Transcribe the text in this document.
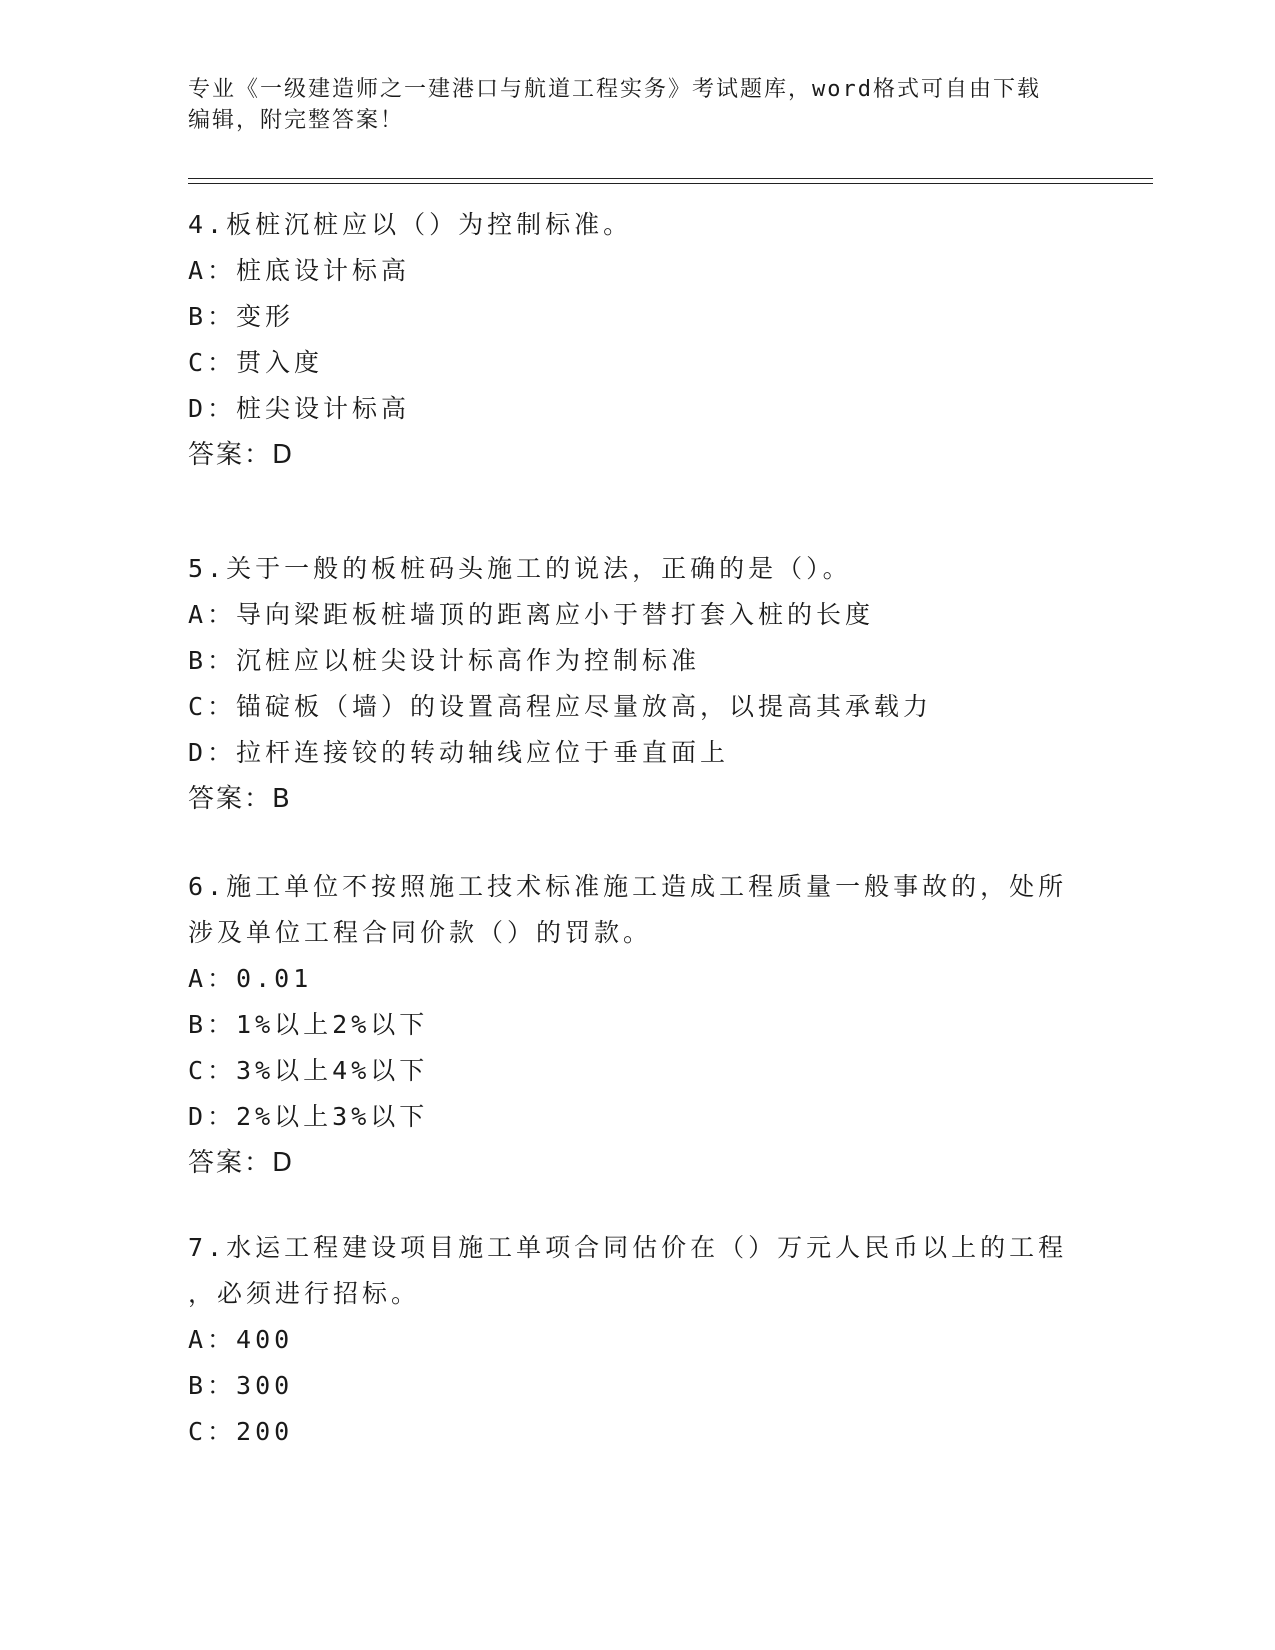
专业《一级建造师之一建港口与航道工程实务》考试题库，word格式可自由下载
编辑，附完整答案！

4.板桩沉桩应以（）为控制标准。

A：桩底设计标高

B：变形

C：贯入度

D：桩尖设计标高

答案：D

5.关于一般的板桩码头施工的说法，正确的是（）。

A：导向梁距板桩墙顶的距离应小于替打套入桩的长度

B：沉桩应以桩尖设计标高作为控制标准

C：锚碇板（墙）的设置高程应尽量放高，以提高其承载力

D：拉杆连接铰的转动轴线应位于垂直面上

答案：B

6.施工单位不按照施工技术标准施工造成工程质量一般事故的，处所

涉及单位工程合同价款（）的罚款。

A：0.01

B：1%以上2%以下

C：3%以上4%以下

D：2%以上3%以下

答案：D

7.水运工程建设项目施工单项合同估价在（）万元人民币以上的工程

，必须进行招标。

A：400

B：300

C：200
